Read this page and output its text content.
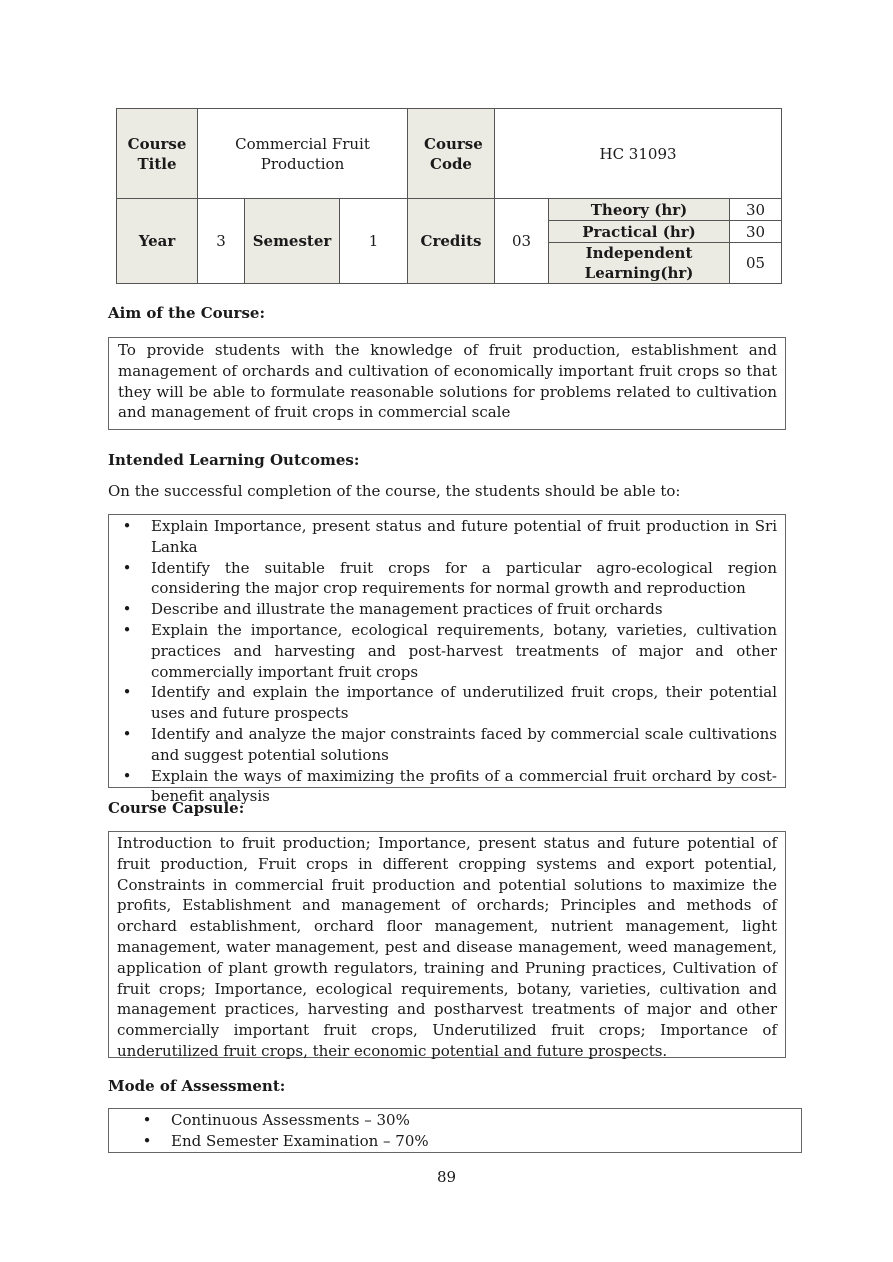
Course Title	Commercial Fruit Production			Course Code	HC 31093		
Year	3	Semester	1	Credits	03	Theory (hr)	30
						Practical (hr)	30
						Independent Learning(hr)	05
Aim of the Course:

To provide students with the knowledge of fruit production, establishment and management of orchards and cultivation of economically important fruit crops so that they will be able to formulate reasonable solutions for problems related to cultivation and management of fruit crops in commercial scale

Intended Learning Outcomes:
On the successful completion of the course, the students should be able to:
•	Explain Importance, present status and future potential of fruit production in Sri Lanka
•	Identify the suitable fruit crops for a particular agro-ecological region considering the major crop requirements for normal growth and reproduction
•	Describe and illustrate the management practices of fruit orchards
•	Explain the importance, ecological requirements, botany, varieties, cultivation practices and harvesting and post-harvest treatments of major and other commercially important fruit crops
•	Identify and explain the importance of underutilized fruit crops, their potential uses and future prospects
•	Identify and analyze the major constraints faced by commercial scale cultivations and suggest potential solutions
•	Explain the ways of maximizing the profits of a commercial fruit orchard by cost-benefit analysis
Course Capsule:

Introduction to fruit production; Importance, present status and future potential of fruit production, Fruit crops in different cropping systems and export potential, Constraints in commercial fruit production and potential solutions to maximize the profits, Establishment and management of orchards; Principles and methods of orchard establishment, orchard floor management, nutrient management, light management, water management, pest and disease management, weed management, application of plant growth regulators, training and Pruning practices, Cultivation of fruit crops; Importance, ecological requirements, botany, varieties, cultivation and management practices, harvesting and postharvest treatments of major and other commercially important fruit crops, Underutilized fruit crops; Importance of underutilized fruit crops, their economic potential and future prospects.

Mode of Assessment:
• Continuous Assessments – 30%
• End Semester Examination – 70%
89
